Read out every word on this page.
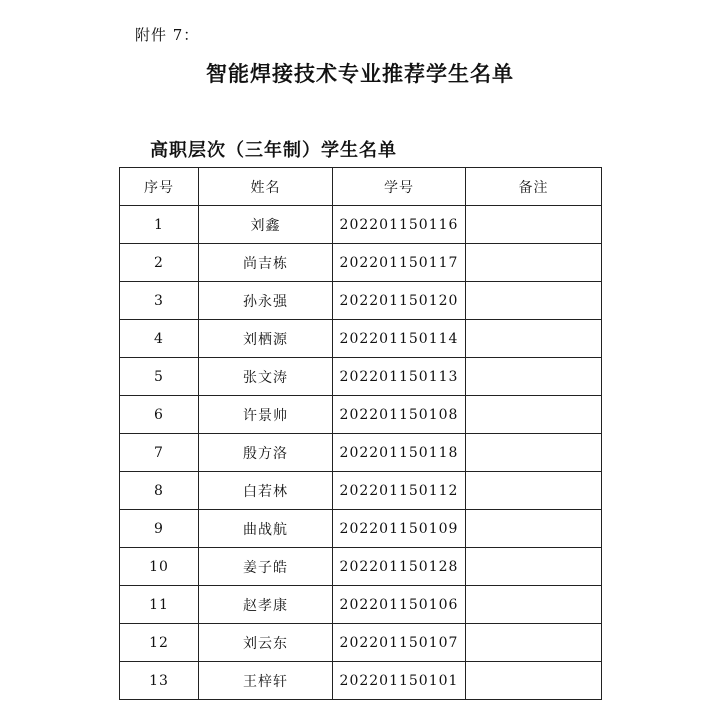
附件 7：
智能焊接技术专业推荐学生名单
高职层次（三年制）学生名单
序号	姓名	学号	备注
1	刘鑫	202201150116	
2	尚吉栋	202201150117	
3	孙永强	202201150120	
4	刘栖源	202201150114	
5	张文涛	202201150113	
6	许景帅	202201150108	
7	殷方洛	202201150118	
8	白若林	202201150112	
9	曲战航	202201150109	
10	姜子皓	202201150128	
11	赵孝康	202201150106	
12	刘云东	202201150107	
13	王梓轩	202201150101	
